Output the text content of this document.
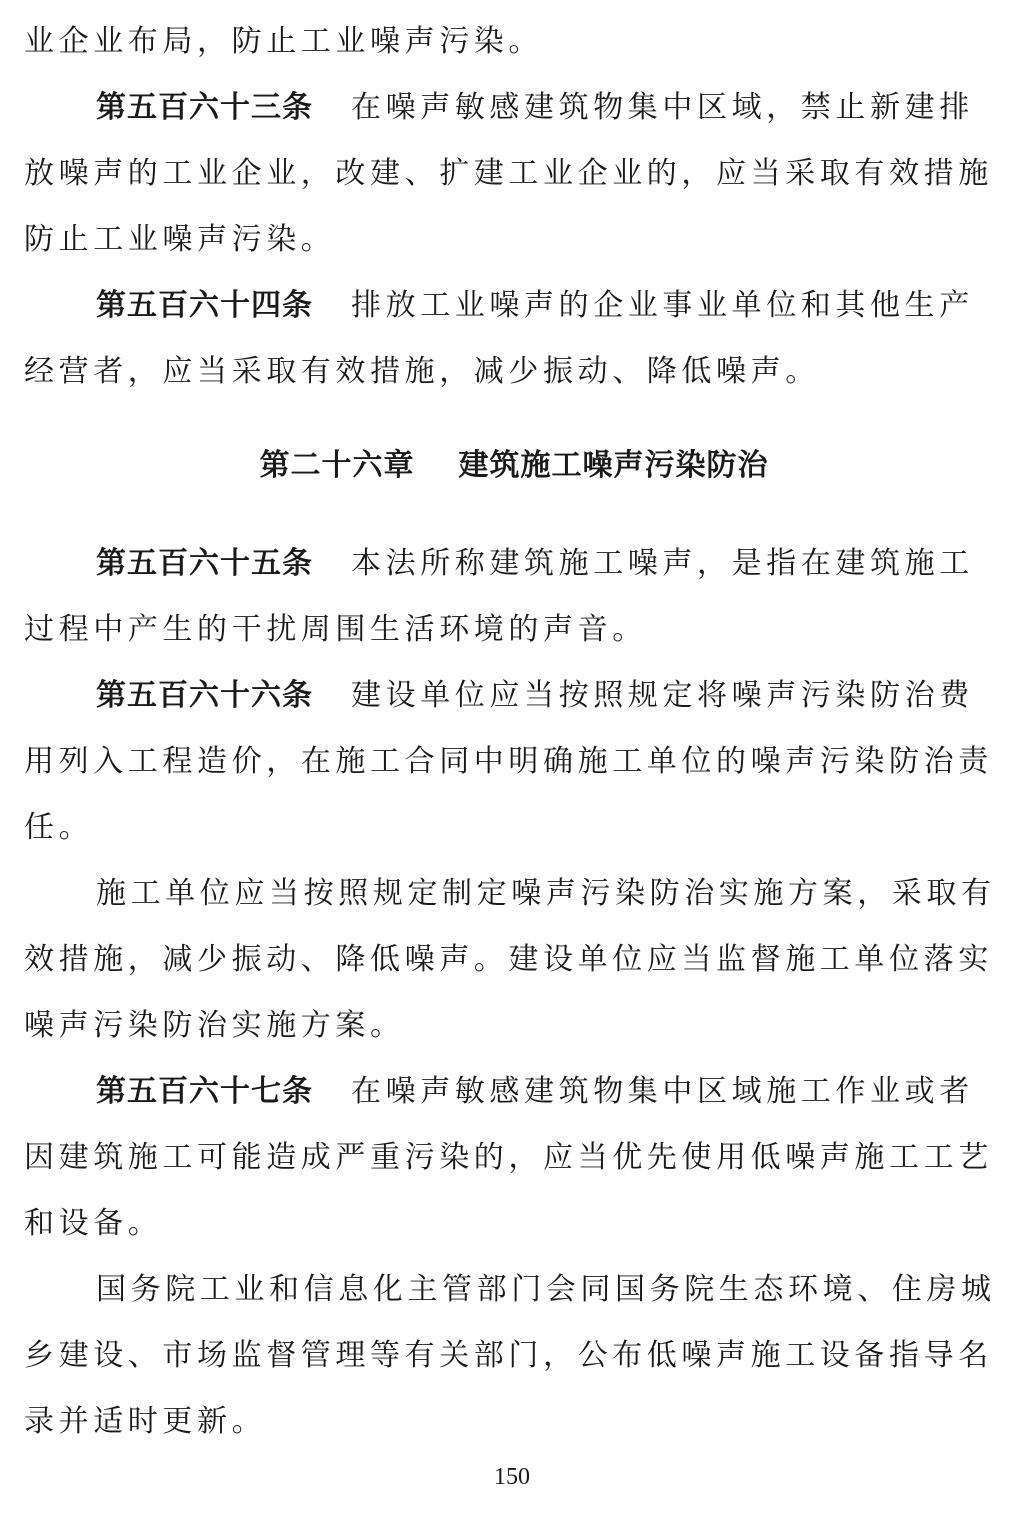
业企业布局，防止工业噪声污染。
第五百六十三条 在噪声敏感建筑物集中区域，禁止新建排
放噪声的工业企业，改建、扩建工业企业的，应当采取有效措施
防止工业噪声污染。
第五百六十四条 排放工业噪声的企业事业单位和其他生产
经营者，应当采取有效措施，减少振动、降低噪声。
第二十六章 建筑施工噪声污染防治
第五百六十五条 本法所称建筑施工噪声，是指在建筑施工
过程中产生的干扰周围生活环境的声音。
第五百六十六条 建设单位应当按照规定将噪声污染防治费
用列入工程造价，在施工合同中明确施工单位的噪声污染防治责
任。
施工单位应当按照规定制定噪声污染防治实施方案，采取有
效措施，减少振动、降低噪声。建设单位应当监督施工单位落实
噪声污染防治实施方案。
第五百六十七条 在噪声敏感建筑物集中区域施工作业或者
因建筑施工可能造成严重污染的，应当优先使用低噪声施工工艺
和设备。
国务院工业和信息化主管部门会同国务院生态环境、住房城
乡建设、市场监督管理等有关部门，公布低噪声施工设备指导名
录并适时更新。
150
